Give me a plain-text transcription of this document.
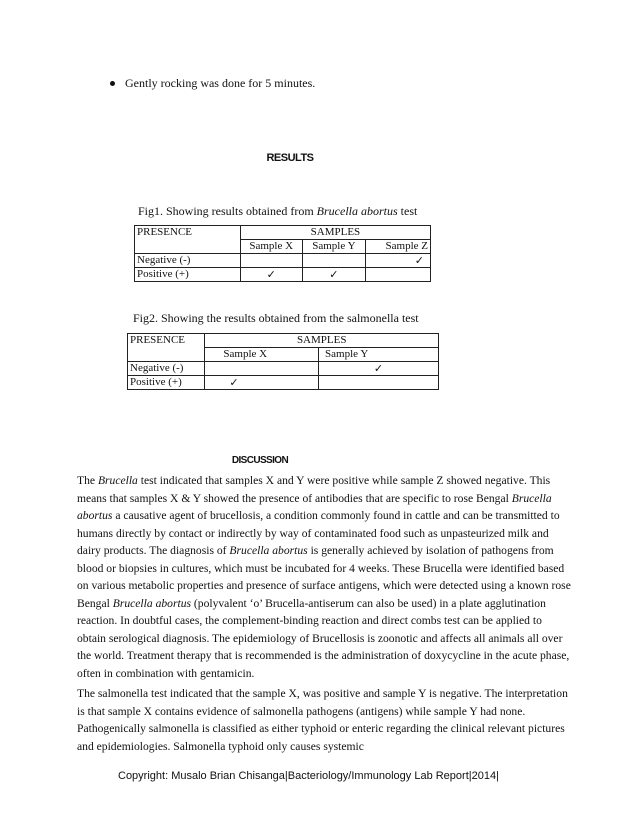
Gently rocking was done for 5 minutes.
RESULTS
Fig1. Showing results obtained from Brucella abortus test
PRESENCE	SAMPLES		
	Sample X	Sample Y	Sample Z
Negative (-)			✓
Positive (+)	✓	✓	
Fig2. Showing the results obtained from the salmonella test
PRESENCE	SAMPLES	
	Sample X	Sample Y
Negative (-)		✓
Positive (+)	✓	
DISCUSSION

The Brucella test indicated that samples X and Y were positive while sample Z showed negative. This means that samples X & Y showed the presence of antibodies that are specific to rose Bengal Brucella abortus a causative agent of brucellosis, a condition commonly found in cattle and can be transmitted to humans directly by contact or indirectly by way of contaminated food such as unpasteurized milk and dairy products. The diagnosis of Brucella abortus is generally achieved by isolation of pathogens from blood or biopsies in cultures, which must be incubated for 4 weeks. These Brucella were identified based on various metabolic properties and presence of surface antigens, which were detected using a known rose Bengal Brucella abortus (polyvalent ‘o’ Brucella-antiserum can also be used) in a plate agglutination reaction. In doubtful cases, the complement-binding reaction and direct combs test can be applied to obtain serological diagnosis. The epidemiology of Brucellosis is zoonotic and affects all animals all over the world. Treatment therapy that is recommended is the administration of doxycycline in the acute phase, often in combination with gentamicin.

The salmonella test indicated that the sample X, was positive and sample Y is negative. The interpretation is that sample X contains evidence of salmonella pathogens (antigens) while sample Y had none. Pathogenically salmonella is classified as either typhoid or enteric regarding the clinical relevant pictures and epidemiologies. Salmonella typhoid only causes systemic

Copyright: Musalo Brian Chisanga|Bacteriology/Immunology Lab Report|2014|
